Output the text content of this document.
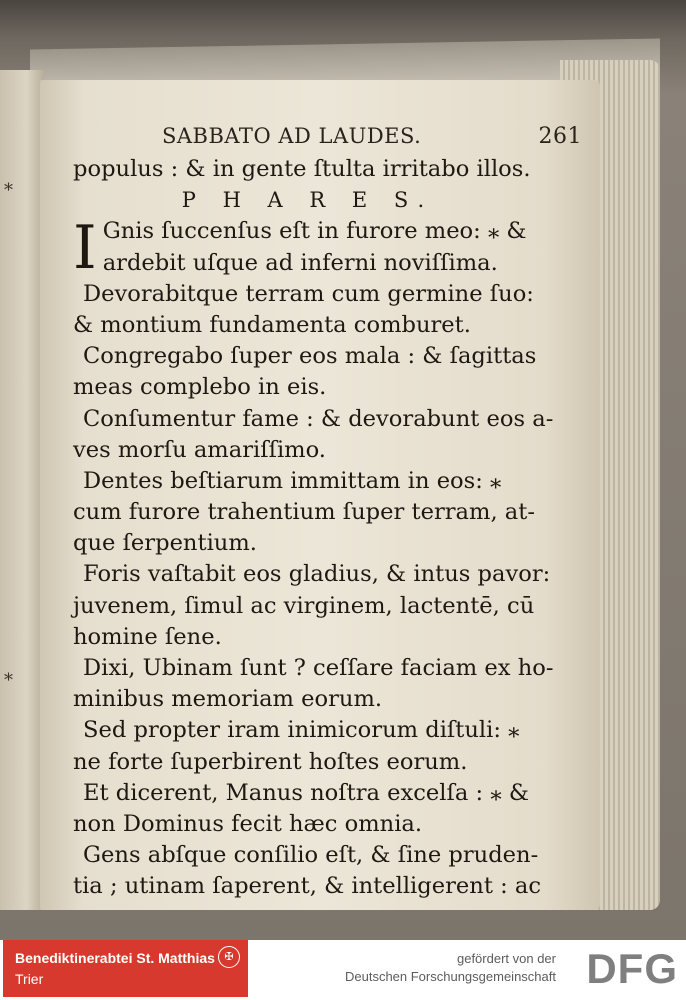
*
*
SABBATO AD LAUDES.	261
populus : & in gente ſtulta irritabo illos.
P H A R E S.
I Gnis ſuccenſus eſt in furore meo: ⁎ &
ardebit uſque ad inferni noviſſima.
Devorabitque terram cum germine ſuo:
& montium fundamenta comburet.
Congregabo ſuper eos mala : & ſagittas
meas complebo in eis.
Conſumentur fame : & devorabunt eos a-
ves morſu amariſſimo.
Dentes beſtiarum immittam in eos: ⁎
cum furore trahentium ſuper terram, at-
que ſerpentium.
Foris vaſtabit eos gladius, & intus pavor:
juvenem, ſimul ac virginem, lactentē, cū
homine ſene.
Dixi, Ubinam ſunt ? ceſſare faciam ex ho-
minibus memoriam eorum.
Sed propter iram inimicorum diſtuli: ⁎
ne forte ſuperbirent hoſtes eorum.
Et dicerent, Manus noſtra excelſa : ⁎ &
non Dominus fecit hæc omnia.
Gens abſque conſilio eſt, & ſine pruden-
tia ; utinam ſaperent, & intelligerent : ac
Benediktinerabtei St. Matthias
Trier
✠	gefördert von der
Deutschen Forschungsgemeinschaft DFG
